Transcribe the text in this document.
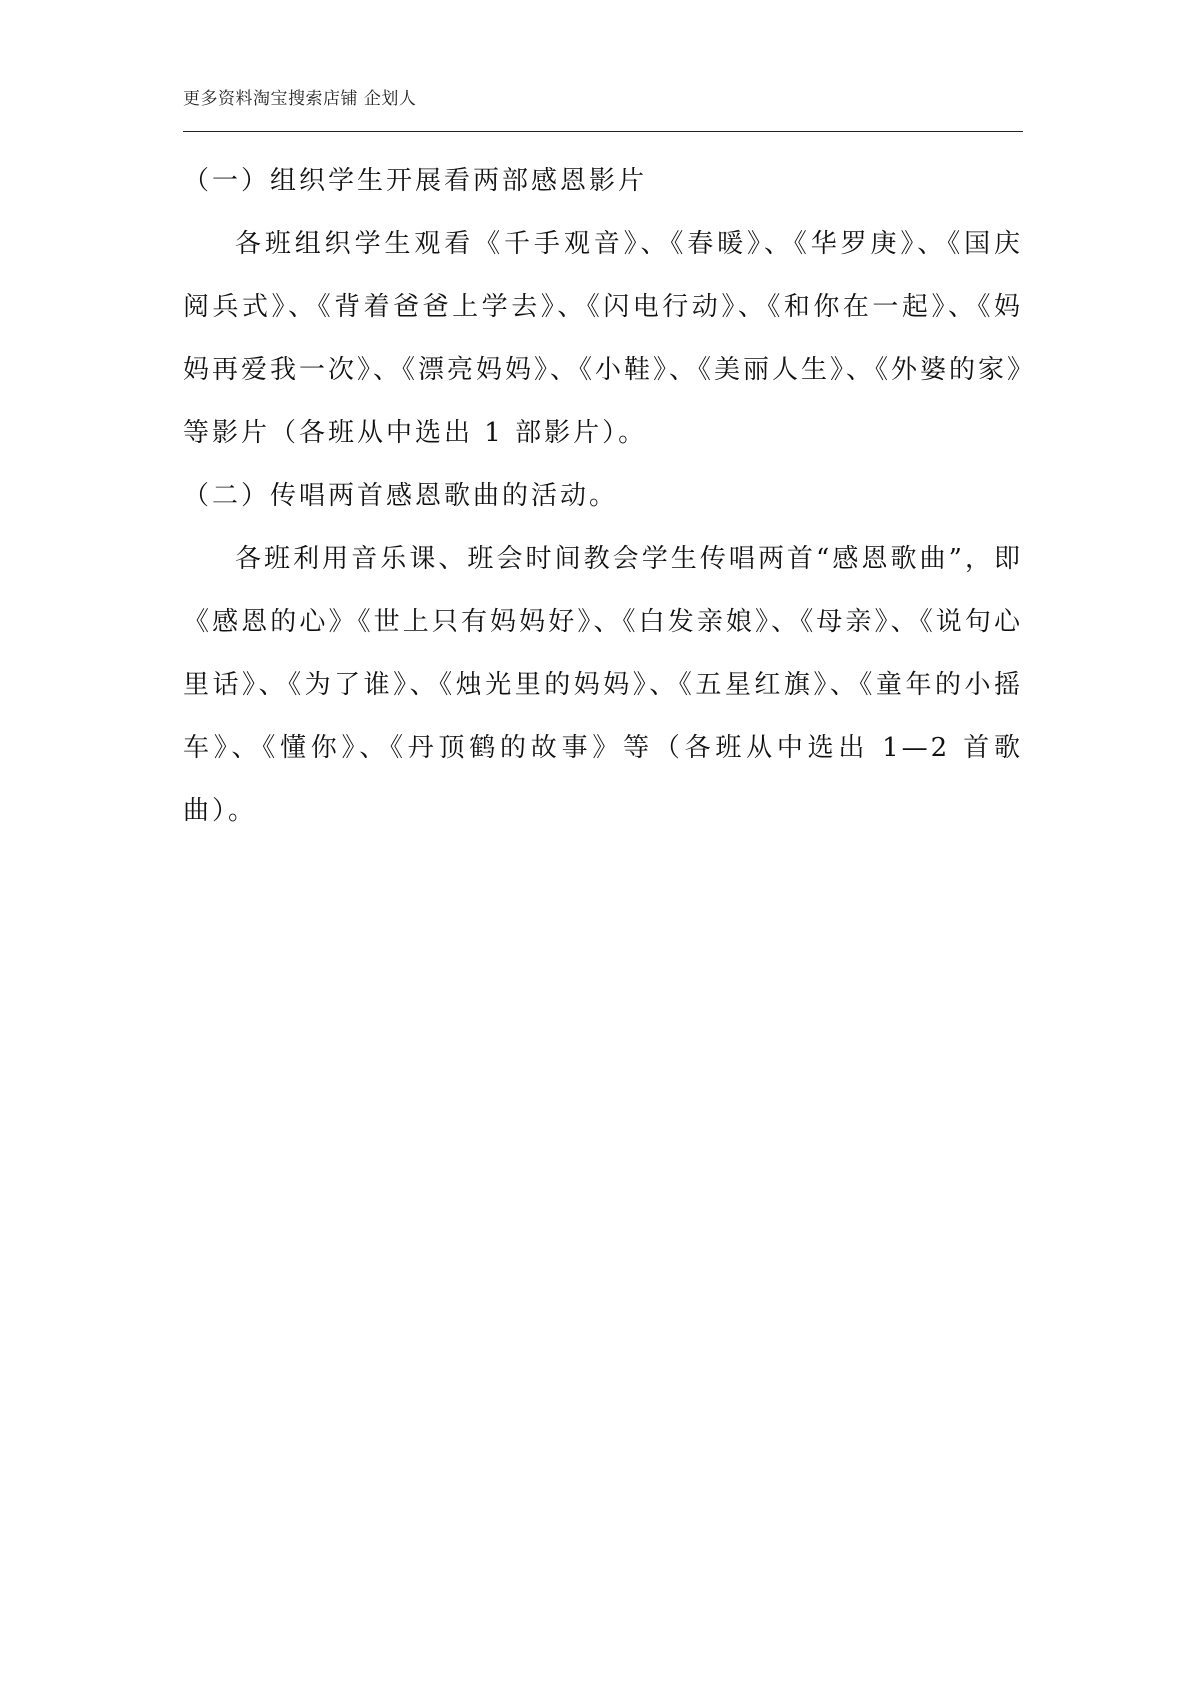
更多资料淘宝搜索店铺 企划人

（一）组织学生开展看两部感恩影片

各班组织学生观看《千手观音》、《春暖》、《华罗庚》、《国庆阅兵式》、《背着爸爸上学去》、《闪电行动》、《和你在一起》、《妈妈再爱我一次》、《漂亮妈妈》、《小鞋》、《美丽人生》、《外婆的家》等影片（各班从中选出 1 部影片）。

（二）传唱两首感恩歌曲的活动。

各班利用音乐课、班会时间教会学生传唱两首“感恩歌曲”，即《感恩的心》《世上只有妈妈好》、《白发亲娘》、《母亲》、《说句心里话》、《为了谁》、《烛光里的妈妈》、《五星红旗》、《童年的小摇车》、《懂你》、《丹顶鹤的故事》等（各班从中选出 1—2 首歌曲）。
